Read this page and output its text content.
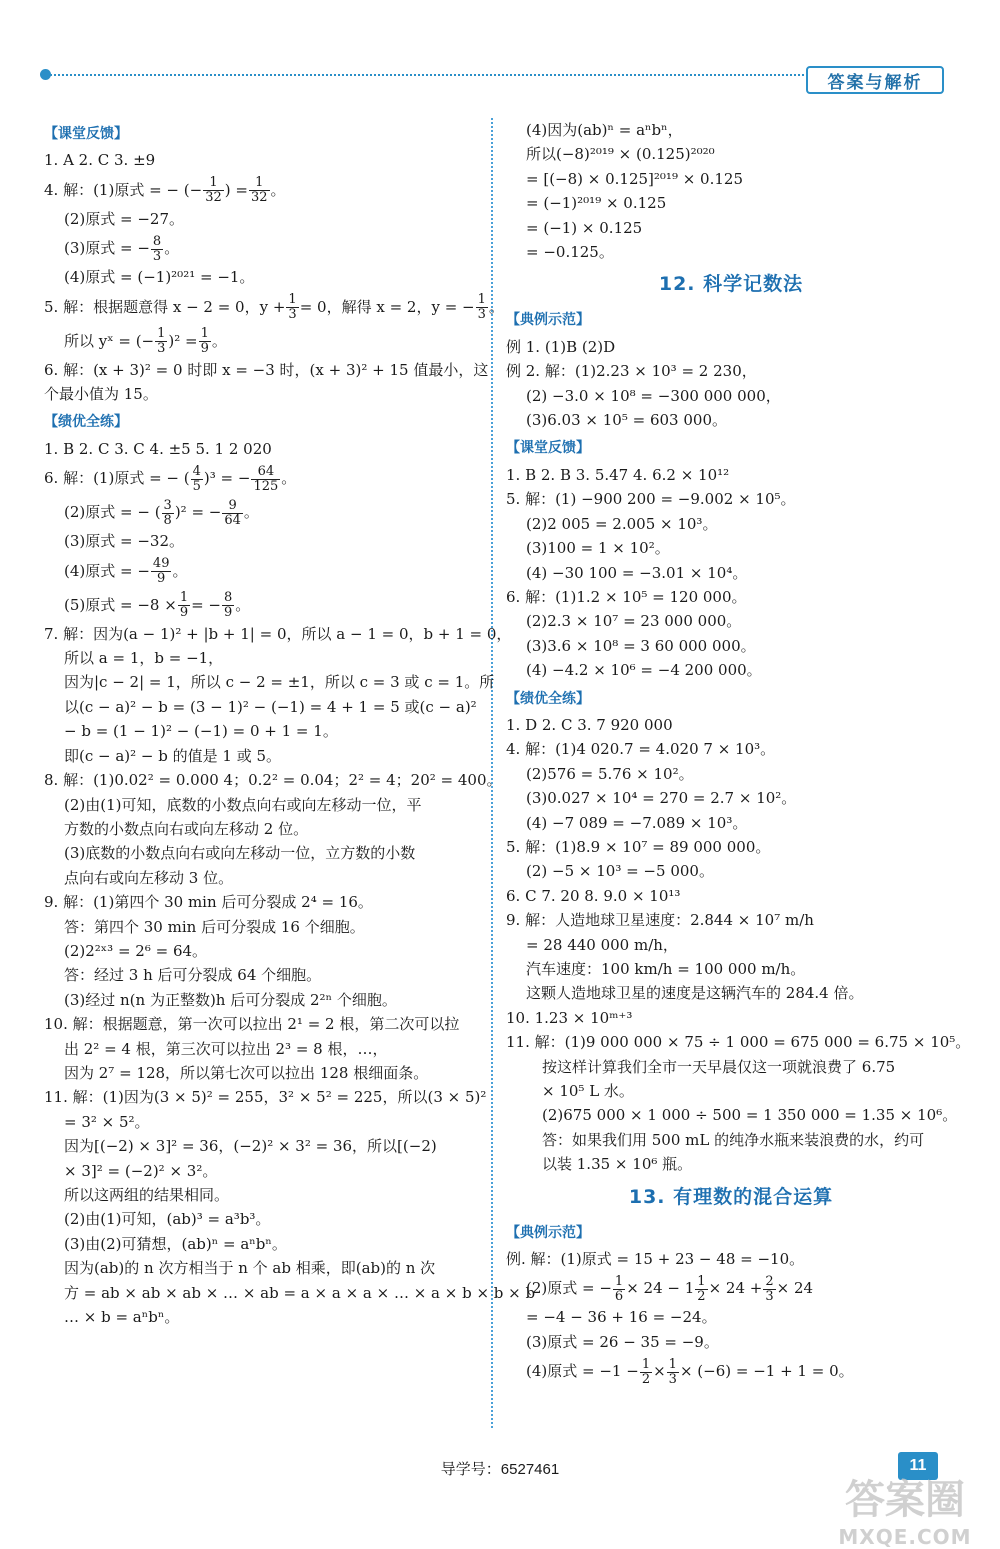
答案与解析
【课堂反馈】
1. A 2. C 3. ±9
4. 解：(1)原式 = − (− $\frac{1}{32}$ ) = $\frac{1}{32}$ 。
(2)原式 = −27。
(3)原式 = − $\frac{8}{3}$ 。
(4)原式 = (−1)²⁰²¹ = −1。
5. 解：根据题意得 x − 2 = 0，$y + \frac{1}{3} = 0$，解得 x = 2，y = − $\frac{1}{3}$ 。
所以 yˣ = (− $\frac{1}{3} )^2 = \frac{1}{9}$ 。
6. 解：(x + 3)² = 0 时即 x = −3 时，(x + 3)² + 15 值最小，这
个最小值为 15。
【绩优全练】
1. B 2. C 3. C 4. ±5 5. 1 2 020
6. 解：(1)原式 = − ( $\frac{4}{5} )^3$ = − $\frac{64}{125}$ 。
(2)原式 = − ( $\frac{3}{8} )^2$ = − $\frac{9}{64}$ 。
(3)原式 = −32。
(4)原式 = − $\frac{49}{9}$ 。
(5)原式 = $-8 \times \frac{1}{9}$ = − $\frac{8}{9}$ 。
7. 解：因为(a − 1)² + |b + 1| = 0，所以 a − 1 = 0，b + 1 = 0，
所以 a = 1，b = −1，
因为|c − 2| = 1，所以 c − 2 = ±1，所以 c = 3 或 c = 1。所
以(c − a)² − b = (3 − 1)² − (−1) = 4 + 1 = 5 或(c − a)²
− b = (1 − 1)² − (−1) = 0 + 1 = 1。
即(c − a)² − b 的值是 1 或 5。
8. 解：(1)0.02² = 0.000 4；0.2² = 0.04；2² = 4；20² = 400。
(2)由(1)可知，底数的小数点向右或向左移动一位，平
方数的小数点向右或向左移动 2 位。
(3)底数的小数点向右或向左移动一位，立方数的小数
点向右或向左移动 3 位。
9. 解：(1)第四个 30 min 后可分裂成 2⁴ = 16。
答：第四个 30 min 后可分裂成 16 个细胞。
(2)2²ˣ³ = 2⁶ = 64。
答：经过 3 h 后可分裂成 64 个细胞。
(3)经过 n(n 为正整数)h 后可分裂成 2²ⁿ 个细胞。
10. 解：根据题意，第一次可以拉出 2¹ = 2 根，第二次可以拉
出 2² = 4 根，第三次可以拉出 2³ = 8 根，…，
因为 2⁷ = 128，所以第七次可以拉出 128 根细面条。
11. 解：(1)因为(3 × 5)² = 255，3² × 5² = 225，所以(3 × 5)²
= 3² × 5²。
因为[(−2) × 3]² = 36，(−2)² × 3² = 36，所以[(−2)
× 3]² = (−2)² × 3²。
所以这两组的结果相同。
(2)由(1)可知，(ab)³ = a³b³。
(3)由(2)可猜想，(ab)ⁿ = aⁿbⁿ。
因为(ab)的 n 次方相当于 n 个 ab 相乘，即(ab)的 n 次
方 = ab × ab × ab × … × ab = a × a × a × … × a × b × b × b
… × b = aⁿbⁿ。
(4)因为(ab)ⁿ = aⁿbⁿ，
所以(−8)²⁰¹⁹ × (0.125)²⁰²⁰
= [(−8) × 0.125]²⁰¹⁹ × 0.125
= (−1)²⁰¹⁹ × 0.125
= (−1) × 0.125
= −0.125。
12. 科学记数法
【典例示范】
例 1. (1)B (2)D
例 2. 解：(1)2.23 × 10³ = 2 230，
(2) −3.0 × 10⁸ = −300 000 000，
(3)6.03 × 10⁵ = 603 000。
【课堂反馈】
1. B 2. B 3. 5.47 4. 6.2 × 10¹²
5. 解：(1) −900 200 = −9.002 × 10⁵。
(2)2 005 = 2.005 × 10³。
(3)100 = 1 × 10²。
(4) −30 100 = −3.01 × 10⁴。
6. 解：(1)1.2 × 10⁵ = 120 000。
(2)2.3 × 10⁷ = 23 000 000。
(3)3.6 × 10⁸ = 3 60 000 000。
(4) −4.2 × 10⁶ = −4 200 000。
【绩优全练】
1. D 2. C 3. 7 920 000
4. 解：(1)4 020.7 = 4.020 7 × 10³。
(2)576 = 5.76 × 10²。
(3)0.027 × 10⁴ = 270 = 2.7 × 10²。
(4) −7 089 = −7.089 × 10³。
5. 解：(1)8.9 × 10⁷ = 89 000 000。
(2) −5 × 10³ = −5 000。
6. C 7. 20 8. 9.0 × 10¹³
9. 解：人造地球卫星速度：2.844 × 10⁷ m/h
= 28 440 000 m/h，
汽车速度：100 km/h = 100 000 m/h。
这颗人造地球卫星的速度是这辆汽车的 284.4 倍。
10. 1.23 × 10ᵐ⁺³
11. 解：(1)9 000 000 × 75 ÷ 1 000 = 675 000 = 6.75 × 10⁵。
按这样计算我们全市一天早晨仅这一项就浪费了 6.75
× 10⁵ L 水。
(2)675 000 × 1 000 ÷ 500 = 1 350 000 = 1.35 × 10⁶。
答：如果我们用 500 mL 的纯净水瓶来装浪费的水，约可
以装 1.35 × 10⁶ 瓶。
13. 有理数的混合运算
【典例示范】
例. 解：(1)原式 = 15 + 23 − 48 = −10。
(2)原式 = − $\frac{1}{6} \times 24 - 1 \frac{1}{2} \times 24 + \frac{2}{3} \times 24$
= −4 − 36 + 16 = −24。
(3)原式 = 26 − 35 = −9。
(4)原式 = $-1 - \frac{1}{2} \times \frac{1}{3} \times (-6) = -1 + 1 = 0$。
导学号：6527461	11
答案圈
MXQE.COM
